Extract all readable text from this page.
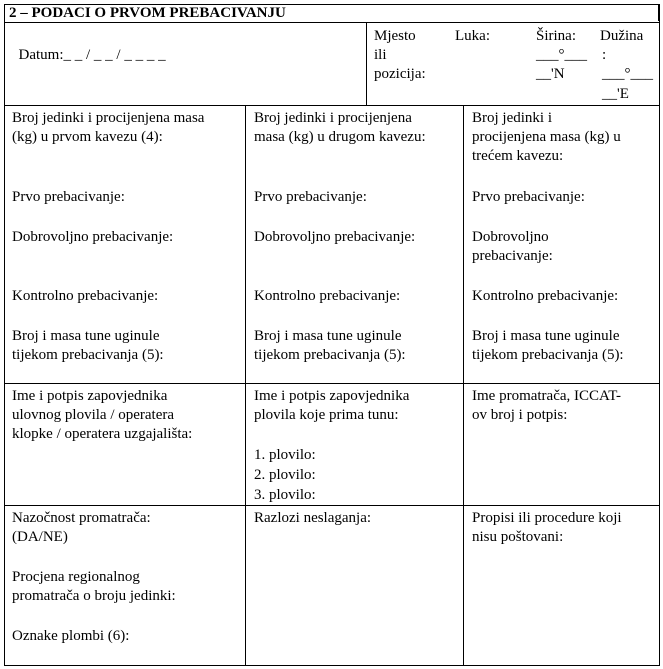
2 – PODACI O PRVOM PREBACIVANJU

Datum:_ _ / _ _ / _ _ _ _

Mjesto
ili
pozicija:
Luka:	Širina:
___°___
__'N
Dužina
:
___°___
__'E
Broj jedinki i procijenjena masa
(kg) u prvom kavezu (4):
Prvo prebacivanje:
Dobrovoljno prebacivanje:
Kontrolno prebacivanje:
Broj i masa tune uginule
tijekom prebacivanja (5):
Broj jedinki i procijenjena
masa (kg) u drugom kavezu:
Prvo prebacivanje:
Dobrovoljno prebacivanje:
Kontrolno prebacivanje:
Broj i masa tune uginule
tijekom prebacivanja (5):
Broj jedinki i
procijenjena masa (kg) u
trećem kavezu:
Prvo prebacivanje:
Dobrovoljno
prebacivanje:
Kontrolno prebacivanje:
Broj i masa tune uginule
tijekom prebacivanja (5):
Ime i potpis zapovjednika
ulovnog plovila / operatera
klopke / operatera uzgajališta:
Ime i potpis zapovjednika
plovila koje prima tunu:
1. plovilo:
2. plovilo:
3. plovilo:
Ime promatrača, ICCAT-
ov broj i potpis:
Nazočnost promatrača:
(DA/NE)
Procjena regionalnog
promatrača o broju jedinki:
Oznake plombi (6):
Razlozi neslaganja:	Propisi ili procedure koji
nisu poštovani:
